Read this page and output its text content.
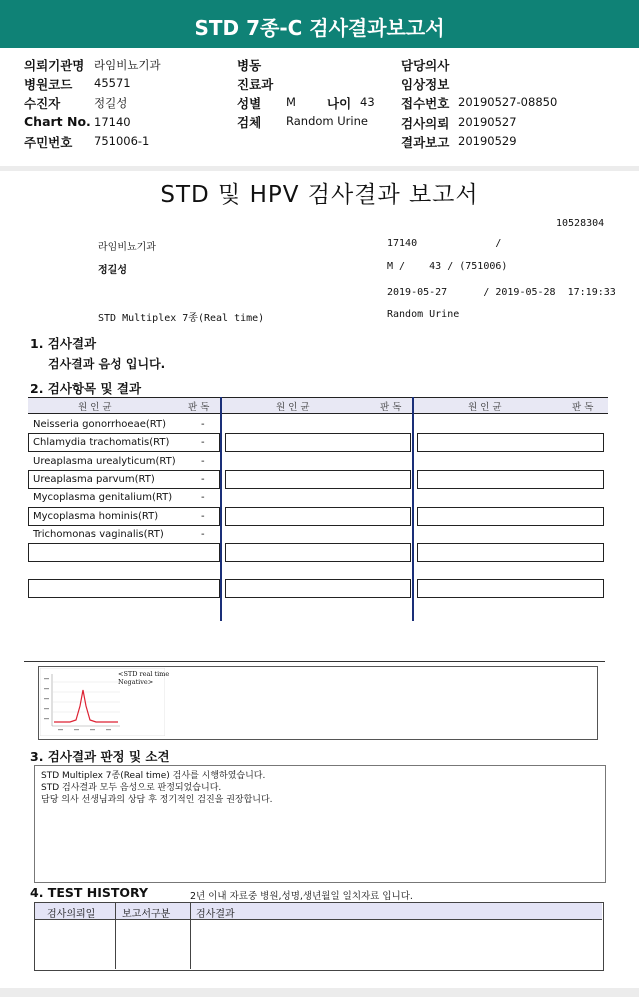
STD 7종-C 검사결과보고서
의뢰기관명 라임비뇨기과
병원코드 45571
수진자	정길성
Chart No. 17140
주민번호 751006-1
병동
진료과
성별 M 나이 43
검체 Random Urine
담당의사
임상정보
접수번호 20190527-08850
검사의뢰 20190527
결과보고 20190529
STD 및 HPV 검사결과 보고서
10528304
라임비뇨기과	17140             /
정길성	M /    43 / (751006)
2019-05-27      / 2019-05-28  17:19:33
STD Multiplex 7종(Real time)	Random Urine
1. 검사결과
검사결과 음성 입니다.
2. 검사항목 및 결과
원 인 균	판 독	원 인 균	판 독	원 인 균	판 독
Neisseria gonorrhoeae(RT)	-
Chlamydia trachomatis(RT)	-
Ureaplasma urealyticum(RT)	-
Ureaplasma parvum(RT)	-
Mycoplasma genitalium(RT)	-
Mycoplasma hominis(RT)	-
Trichomonas vaginalis(RT)	-
<STD real time
Negative>
3. 검사결과 판정 및 소견
STD Multiplex 7종(Real time) 검사를 시행하였습니다.
STD 검사결과 모두 음성으로 판정되었습니다.
담당 의사 선생님과의 상담 후 정기적인 검진을 권장합니다.
4. TEST HISTORY	2년 이내 자료중 병원,성명,생년월일 일치자료 입니다.
검사의뢰일	보고서구분	검사결과
